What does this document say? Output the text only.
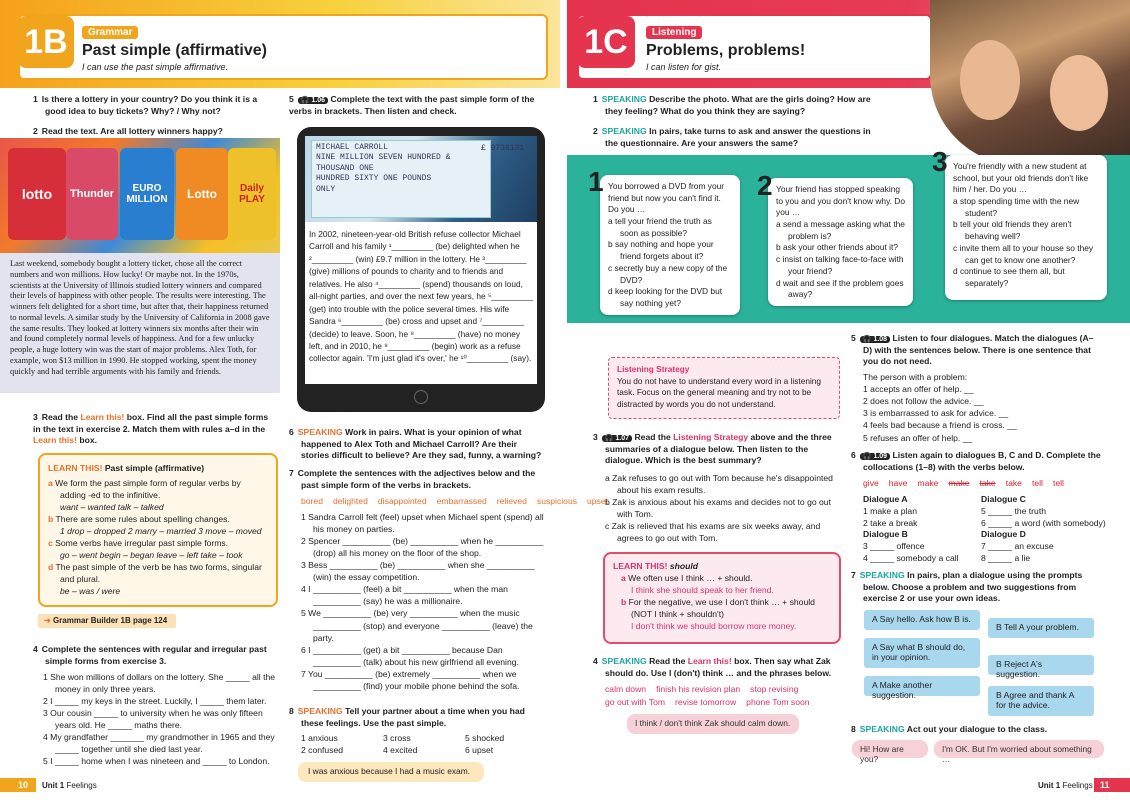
1B	Grammar
Past simple (affirmative)
I can use the past simple affirmative.
1 Is there a lottery in your country? Do you think it is a good idea to buy tickets? Why? / Why not?
2 Read the text. Are all lottery winners happy?
lotto	Thunder	EURO MILLION	Lotto	Daily PLAY
Last weekend, somebody bought a lottery ticket, chose all the correct numbers and won millions. How lucky! Or maybe not. In the 1970s, scientists at the University of Illinois studied lottery winners and compared their levels of happiness with other people. The results were interesting. The winners felt delighted for a short time, but after that, their happiness returned to normal levels. A similar study by the University of California in 2008 gave the same results. They looked at lottery winners six months after their win and found completely normal levels of happiness. And for a few unlucky people, a huge lottery win was the start of major problems. Alex Toth, for example, won $13 million in 1990. He stopped working, spent the money quickly and had terrible arguments with his family and friends.
3 Read the Learn this! box. Find all the past simple forms in the text in exercise 2. Match them with rules a–d in the Learn this! box.
LEARN THIS! Past simple (affirmative)
a We form the past simple form of regular verbs by adding -ed to the infinitive.
want – wanted talk – talked
b There are some rules about spelling changes.
1 drop – dropped 2 marry – married 3 move – moved
c Some verbs have irregular past simple forms.
go – went begin – began leave – left take – took
d The past simple of the verb be has two forms, singular and plural.
be – was / were
➜ Grammar Builder 1B page 124
4 Complete the sentences with regular and irregular past simple forms from exercise 3.
1 She won millions of dollars on the lottery. She _____ all the money in only three years.
2 I _____ my keys in the street. Luckily, I _____ them later.
3 Our cousin _____ to university when he was only fifteen years old. He _____ maths there.
4 My grandfather _______ my grandmother in 1965 and they _____ together until she died last year.
5 I _____ home when I was nineteen and _____ to London.
5 🎧 1.06 Complete the text with the past simple form of the verbs in brackets. Then listen and check.
MICHAEL CARROLL
NINE MILLION SEVEN HUNDRED &
THOUSAND ONE
HUNDRED SIXTY ONE POUNDS
ONLY
£ 9736131
In 2002, nineteen-year-old British refuse collector Michael Carroll and his family ¹_________ (be) delighted when he ²_________ (win) £9.7 million in the lottery. He ³_________ (give) millions of pounds to charity and to friends and relatives. He also ⁴_________ (spend) thousands on loud, all-night parties, and over the next few years, he ⁵_________ (get) into trouble with the police several times. His wife Sandra ⁶_________ (be) cross and upset and ⁷_________ (decide) to leave. Soon, he ⁸_________ (have) no money left, and in 2010, he ⁹_________ (begin) work as a refuse collector again. 'I'm just glad it's over,' he ¹⁰_________ (say).
6 SPEAKING Work in pairs. What is your opinion of what happened to Alex Toth and Michael Carroll? Are their stories difficult to believe? Are they sad, funny, a warning?
7 Complete the sentences with the adjectives below and the past simple form of the verbs in brackets.
bored delighted disappointed embarrassed relieved suspicious upset
1 Sandra Carroll felt (feel) upset when Michael spent (spend) all his money on parties.
2 Spencer __________ (be) __________ when he __________ (drop) all his money on the floor of the shop.
3 Bess __________ (be) __________ when she __________ (win) the essay competition.
4 I __________ (feel) a bit __________ when the man __________ (say) he was a millionaire.
5 We __________ (be) very __________ when the music __________ (stop) and everyone __________ (leave) the party.
6 I __________ (get) a bit __________ because Dan __________ (talk) about his new girlfriend all evening.
7 You __________ (be) extremely __________ when we __________ (find) your mobile phone behind the sofa.
8 SPEAKING Tell your partner about a time when you had these feelings. Use the past simple.
1 anxious	3 cross	5 shocked
2 confused	4 excited	6 upset
I was anxious because I had a music exam.
10	Unit 1 Feelings
1C	Listening
Problems, problems!
I can listen for gist.
1 SPEAKING Describe the photo. What are the girls doing? How are they feeling? What do you think they are saying?
2 SPEAKING In pairs, take turns to ask and answer the questions in the questionnaire. Are your answers the same?
You borrowed a DVD from your friend but now you can't find it. Do you …
a tell your friend the truth as soon as possible?
b say nothing and hope your friend forgets about it?
c secretly buy a new copy of the DVD?
d keep looking for the DVD but say nothing yet?
1	Your friend has stopped speaking to you and you don't know why. Do you …
a send a message asking what the problem is?
b ask your other friends about it?
c insist on talking face-to-face with your friend?
d wait and see if the problem goes away?
2
You're friendly with a new student at school, but your old friends don't like him / her. Do you …
a stop spending time with the new student?
b tell your old friends they aren't behaving well?
c invite them all to your house so they can get to know one another?
d continue to see them all, but separately?
3
Listening Strategy
You do not have to understand every word in a listening task. Focus on the general meaning and try not to be distracted by words you do not understand.
3 🎧 1.07 Read the Listening Strategy above and the three summaries of a dialogue below. Then listen to the dialogue. Which is the best summary?
a Zak refuses to go out with Tom because he's disappointed about his exam results.
b Zak is anxious about his exams and decides not to go out with Tom.
c Zak is relieved that his exams are six weeks away, and agrees to go out with Tom.
LEARN THIS! should
a We often use I think … + should.
I think she should speak to her friend.
b For the negative, we use I don't think … + should
(NOT I think + shouldn't)
I don't think we should borrow more money.
4 SPEAKING Read the Learn this! box. Then say what Zak should do. Use I (don't) think … and the phrases below.
calm down finish his revision plan stop revising
go out with Tom revise tomorrow phone Tom soon
I think / don't think Zak should calm down.
5 🎧 1.08 Listen to four dialogues. Match the dialogues (A–D) with the sentences below. There is one sentence that you do not need.
The person with a problem:
1 accepts an offer of help. __
2 does not follow the advice. __
3 is embarrassed to ask for advice. __
4 feels bad because a friend is cross. __
5 refuses an offer of help. __
6 🎧 1.09 Listen again to dialogues B, C and D. Complete the collocations (1–8) with the verbs below.
give have make make take take tell tell
Dialogue A
1 make a plan
2 take a break
Dialogue C
5 _____ the truth
6 _____ a word (with somebody)
Dialogue B
3 _____ offence
4 _____ somebody a call
Dialogue D
7 _____ an excuse
8 _____ a lie
7 SPEAKING In pairs, plan a dialogue using the prompts below. Choose a problem and two suggestions from exercise 2 or use your own ideas.
A Say hello. Ask how B is.
A Say what B should do, in your opinion.
A Make another suggestion.
B Tell A your problem.
B Reject A's suggestion.
B Agree and thank A for the advice.
8 SPEAKING Act out your dialogue to the class.
Hi! How are you?
I'm OK. But I'm worried about something …
Unit 1 Feelings 11
